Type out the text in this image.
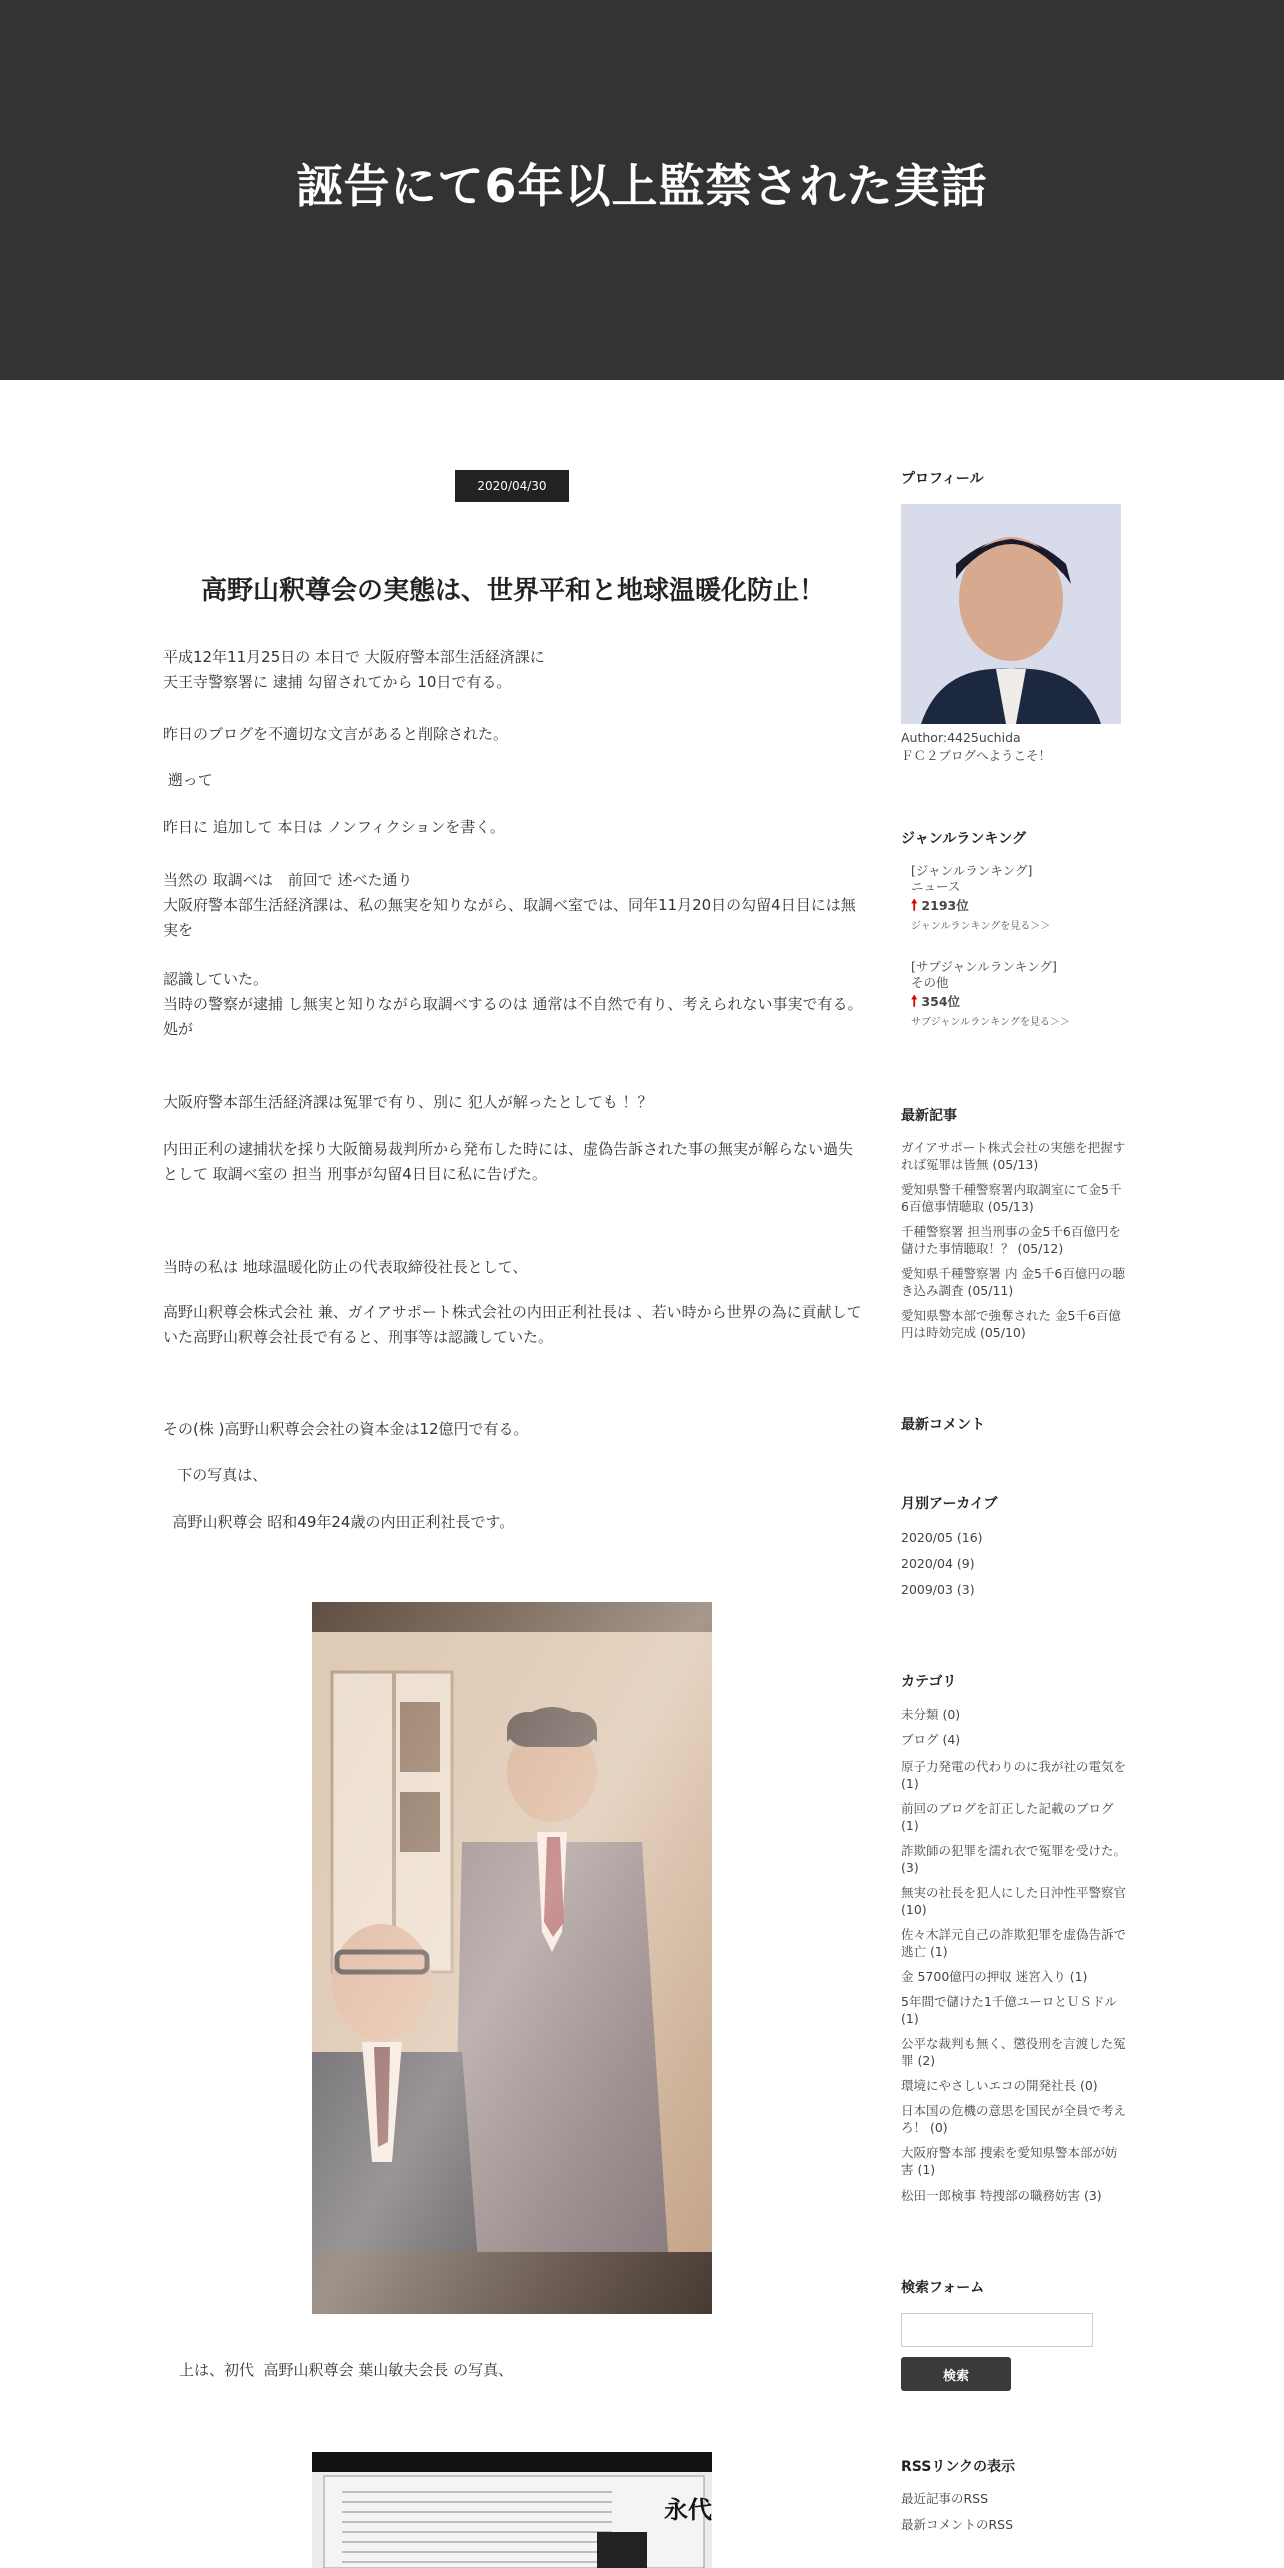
誣告にて6年以上監禁された実話
2020/04/30
高野山釈尊会の実態は、世界平和と地球温暖化防止！

平成12年11月25日の 本日で 大阪府警本部生活経済課に
天王寺警察署に 逮捕 勾留されてから 10日で有る。

昨日のブログを不適切な文言があると削除された。

遡って

昨日に 追加して 本日は ノンフィクションを書く。

当然の 取調べは　前回で 述べた通り
大阪府警本部生活経済課は、私の無実を知りながら、取調べ室では、同年11月20日の勾留4日目には無実を

認識していた。
当時の警察が逮捕 し無実と知りながら取調べするのは 通常は不自然で有り、考えられない事実で有る。
処が

大阪府警本部生活経済課は冤罪で有り、別に 犯人が解ったとしても ！？

内田正利の逮捕状を採り大阪簡易裁判所から発布した時には、虚偽告訴された事の無実が解らない過失として 取調べ室の 担当 刑事が勾留4日目に私に告げた。

当時の私は 地球温暖化防止の代表取締役社長として、

高野山釈尊会株式会社 兼、ガイアサポート株式会社の内田正利社長は 、若い時から世界の為に貢献していた高野山釈尊会社長で有ると、刑事等は認識していた。

その(株 )高野山釈尊会会社の資本金は12億円で有る。

下の写真は、

高野山釈尊会 昭和49年24歳の内田正利社長です。

上は、初代  高野山釈尊会 葉山敏夫会長 の写真、

永代
プロフィール
Author:4425uchida
ＦＣ２ブログへようこそ！
ジャンルランキング
[ジャンルランキング]
ニュース
🠕 2193位
ジャンルランキングを見る＞＞
[サブジャンルランキング]
その他
🠕 354位
サブジャンルランキングを見る＞＞
最新記事
ガイアサポート株式会社の実態を把握すれば冤罪は皆無 (05/13)
愛知県警千種警察署内取調室にて金5千6百億事情聴取 (05/13)
千種警察署 担当刑事の金5千6百億円を儲けた事情聴取！？ (05/12)
愛知県千種警察署 内 金5千6百億円の聴き込み調査 (05/11)
愛知県警本部で強奪された 金5千6百億円は時効完成 (05/10)
最新コメント
月別アーカイブ
2020/05 (16)
2020/04 (9)
2009/03 (3)
カテゴリ
未分類 (0)
ブログ (4)
原子力発電の代わりのに我が社の電気を (1)
前回のブログを訂正した記載のブログ (1)
詐欺師の犯罪を濡れ衣で冤罪を受けた。 (3)
無実の社長を犯人にした日沖性平警察官 (10)
佐々木詳元自己の詐欺犯罪を虚偽告訴で逃亡 (1)
金 5700億円の押収 迷宮入り (1)
5年間で儲けた1千億ユーロとＵＳドル (1)
公平な裁判も無く、懲役刑を言渡した冤罪 (2)
環境にやさしいエコの開発社長 (0)
日本国の危機の意思を国民が全員で考えろ！ (0)
大阪府警本部 捜索を愛知県警本部が妨害 (1)
松田一郎検事 特捜部の職務妨害 (3)
検索フォーム
検索
RSSリンクの表示
最近記事のRSS
最新コメントのRSS
